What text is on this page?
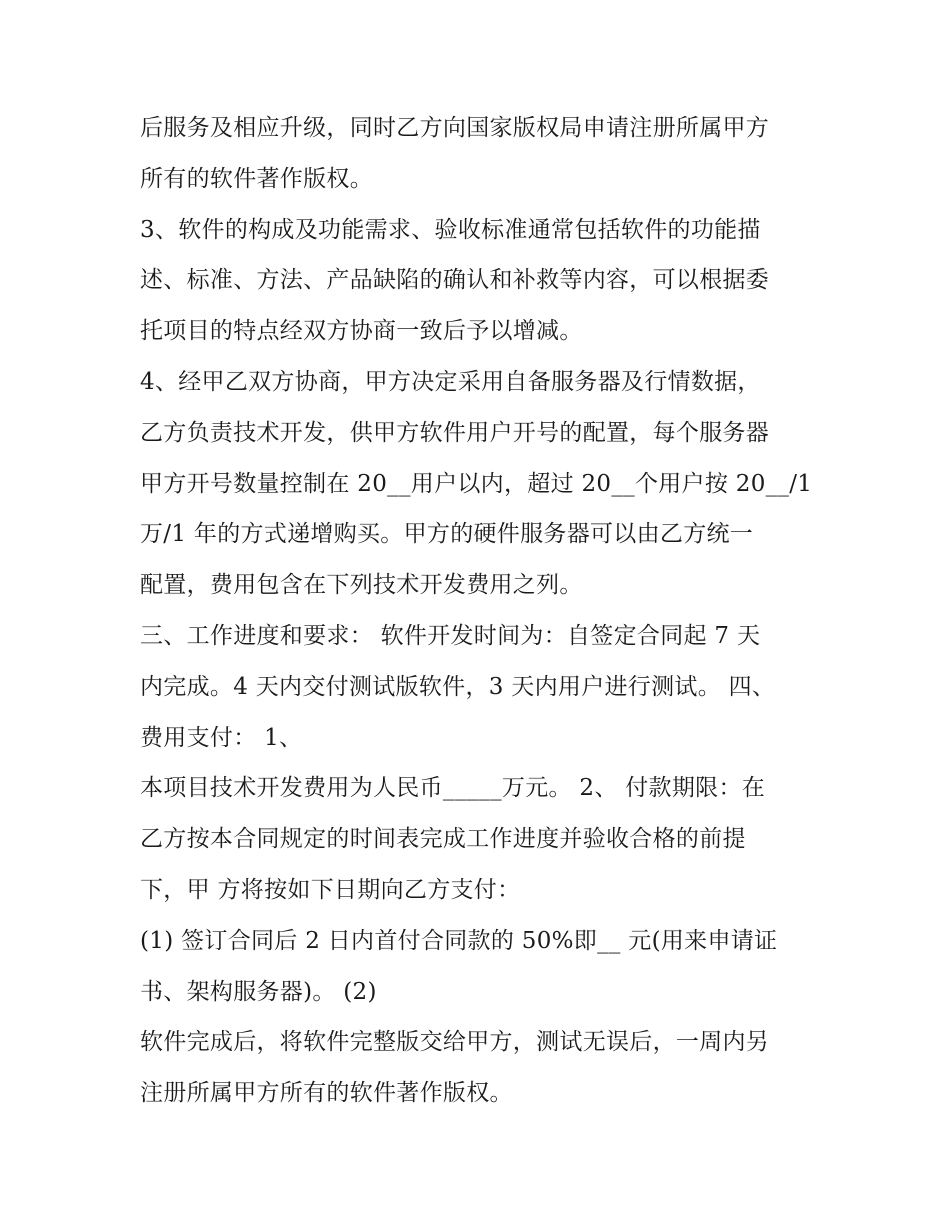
后服务及相应升级，同时乙方向国家版权局申请注册所属甲方
所有的软件著作版权。
3、软件的构成及功能需求、验收标准通常包括软件的功能描
述、标准、方法、产品缺陷的确认和补救等内容，可以根据委
托项目的特点经双方协商一致后予以增减。
4、经甲乙双方协商，甲方决定采用自备服务器及行情数据，
乙方负责技术开发，供甲方软件用户开号的配置，每个服务器
甲方开号数量控制在 20__用户以内，超过 20__个用户按 20__/1
万/1 年的方式递增购买。甲方的硬件服务器可以由乙方统一
配置，费用包含在下列技术开发费用之列。
三、工作进度和要求： 软件开发时间为：自签定合同起 7 天
内完成。4 天内交付测试版软件，3 天内用户进行测试。 四、
费用支付： 1、
本项目技术开发费用为人民币_____万元。 2、 付款期限：在
乙方按本合同规定的时间表完成工作进度并验收合格的前提
下，甲 方将按如下日期向乙方支付：
(1) 签订合同后 2 日内首付合同款的 50%即__ 元(用来申请证
书、架构服务器)。 (2)
软件完成后，将软件完整版交给甲方，测试无误后，一周内另
注册所属甲方所有的软件著作版权。
